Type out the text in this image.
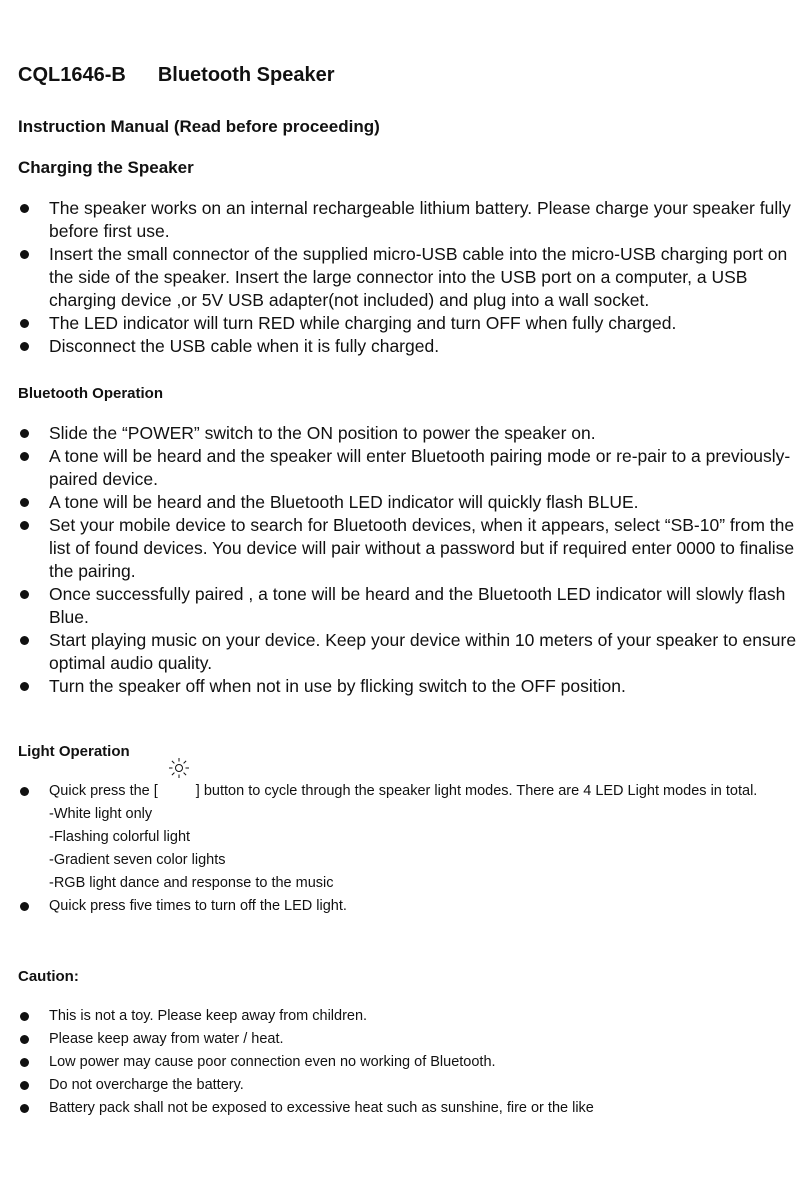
CQL1646-B Bluetooth Speaker
Instruction Manual (Read before proceeding)
Charging the Speaker
The speaker works on an internal rechargeable lithium battery. Please charge your speaker fully before first use.
Insert the small connector of the supplied micro-USB cable into the micro-USB charging port on the side of the speaker. Insert the large connector into the USB port on a computer, a USB charging device ,or 5V USB adapter(not included) and plug into a wall socket.
The LED indicator will turn RED while charging and turn OFF when fully charged.
Disconnect the USB cable when it is fully charged.
Bluetooth Operation
Slide the “POWER” switch to the ON position to power the speaker on.
A tone will be heard and the speaker will enter Bluetooth pairing mode or re-pair to a previously-paired device.
A tone will be heard and the Bluetooth LED indicator will quickly flash BLUE.
Set your mobile device to search for Bluetooth devices, when it appears, select “SB-10” from the list of found devices. You device will pair without a password but if required enter 0000 to finalise the pairing.
Once successfully paired , a tone will be heard and the Bluetooth LED indicator will slowly flash Blue.
Start playing music on your device. Keep your device within 10 meters of your speaker to ensure optimal audio quality.
Turn the speaker off when not in use by flicking switch to the OFF position.
Light Operation
Quick press the [	] button to cycle through the speaker light modes. There are 4 LED Light modes in total.
-White light only
-Flashing colorful light
-Gradient seven color lights
-RGB light dance and response to the music
Quick press five times to turn off the LED light.
Caution:
This is not a toy. Please keep away from children.
Please keep away from water / heat.
Low power may cause poor connection even no working of Bluetooth.
Do not overcharge the battery.
Battery pack shall not be exposed to excessive heat such as sunshine, fire or the like
